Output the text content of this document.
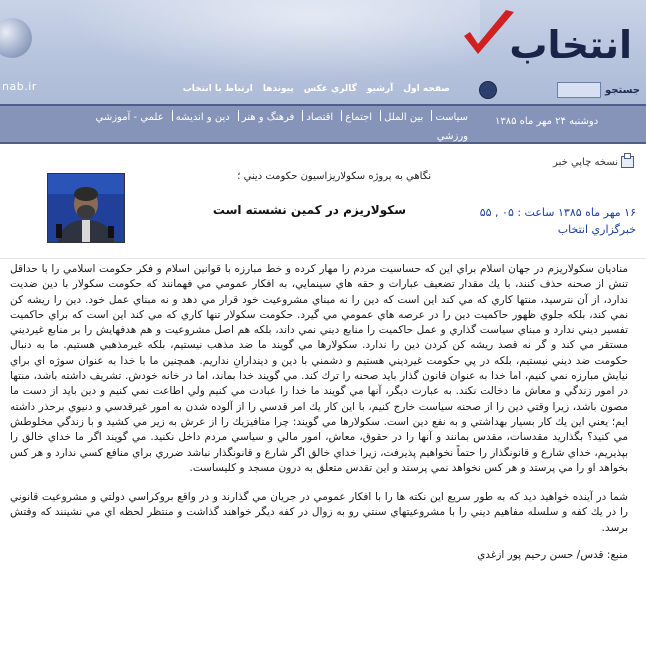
nab.ir
انتخاب
صفحه اول
آرشيو
گالري عكس
پيوندها
ارتباط با انتخاب	جستجو
دوشنبه ۲۴ مهر ماه ۱۳۸۵
سياست بين الملل اجتماع اقتصاد فرهنگ و هنر دين و انديشه علمي - آموزشي
ورزشي
نسخه چاپي خبر
نگاهي به پروژه سكولاريزاسيون حكومت ديني ؛
سكولاريزم در كمين نشسته است	۱۶ مهر ماه ۱۳۸۵ ساعت : ۰۵ , ۵۵
خبرگزاري انتخاب

مناديان سكولاريزم در جهان اسلام براي اين كه حساسيت مردم را مهار كرده و خط مبارزه با قوانين اسلام و فكر حكومت اسلامي را با حداقل تنش از صحنه حذف كنند، با يك مقدار تضعيف عبارات و حقه هاي سينمايي، به افكار عمومي مي فهمانند كه حكومت سكولار با دين ضديت ندارد، از آن نترسيد، منتها كاري كه مي كند اين است كه دين را نه مبناي مشروعيت خود قرار مي دهد و نه مبناي عمل خود. دين را ريشه كن نمي كند، بلكه جلوي ظهور حاكميت دين را در عرصه هاي عمومي مي گيرد. حكومت سكولار تنها كاري كه مي كند اين است كه براي حاكميت تفسير ديني ندارد و مبناي سياست گذاري و عمل حاكميت را منابع ديني نمي داند، بلكه هم اصل مشروعيت و هم هدفهايش را بر منابع غيرديني مستقر مي كند و گر نه قصد ريشه كن كردن دين را ندارد. سكولارها مي گويند ما ضد مذهب نيستيم، بلكه غيرمذهبي هستيم. ما به دنبال حكومت ضد ديني نيستيم، بلكه در پي حكومت غيرديني هستيم و دشمني با دين و ديندارانِ نداريم. همچنين ما با خدا به عنوان سوژه اي براي نيايش مبارزه نمي كنيم، اما خدا به عنوان قانون گذار بايد صحنه را ترك كند. مي گويند خدا بماند، اما در خانه خودش. تشريف داشته باشد، منتها در امور زندگي و معاش ما دخالت نكند. به عبارت ديگر، آنها مي گويند ما خدا را عبادت مي كنيم ولي اطاعت نمي كنيم و دين بايد از دست ما مصون باشد، زيرا وقتي دين را از صحنه سياست خارج كنيم، با اين كار يك امر قدسي را از آلوده شدن به امور غيرقدسي و دنيوي برحذر داشته ايم؛ يعني اين يك كار بسيار بهداشتي و به نفع دين است. سكولارها مي گويند: چرا متافيزيك را از عرش به زير مي كشيد و با زندگي مخلوطش مي كنيد؟ بگذاريد مقدسات، مقدس بمانند و آنها را در حقوق، معاش، امور مالي و سياسي مردم داخل نكنيد. مي گويند اگر ما خداي خالق را بپذيريم، خداي شارع و قانونگذار را حتماً نخواهيم پذيرفت، زيرا خداي خالق اگر شارع و قانونگذار نباشد ضرري براي منافع كسي ندارد و هر كس بخواهد او را مي پرستد و هر كس نخواهد نمي پرستد و اين تقدس متعلق به درون مسجد و كليساست.

شما در آينده خواهيد ديد كه به طور سريع اين نكته ها را با افكار عمومي در جريان مي گذارند و در واقع بروكراسي دولتي و مشروعيت قانوني را در يك كفه و سلسله مفاهيم ديني را با مشروعيتهاي سنتي رو به زوال در كفه ديگر خواهند گذاشت و منتظر لحظه اي مي نشينند كه وقتش برسد.

منبع: قدس/ حسن رحيم پور ازغدي
